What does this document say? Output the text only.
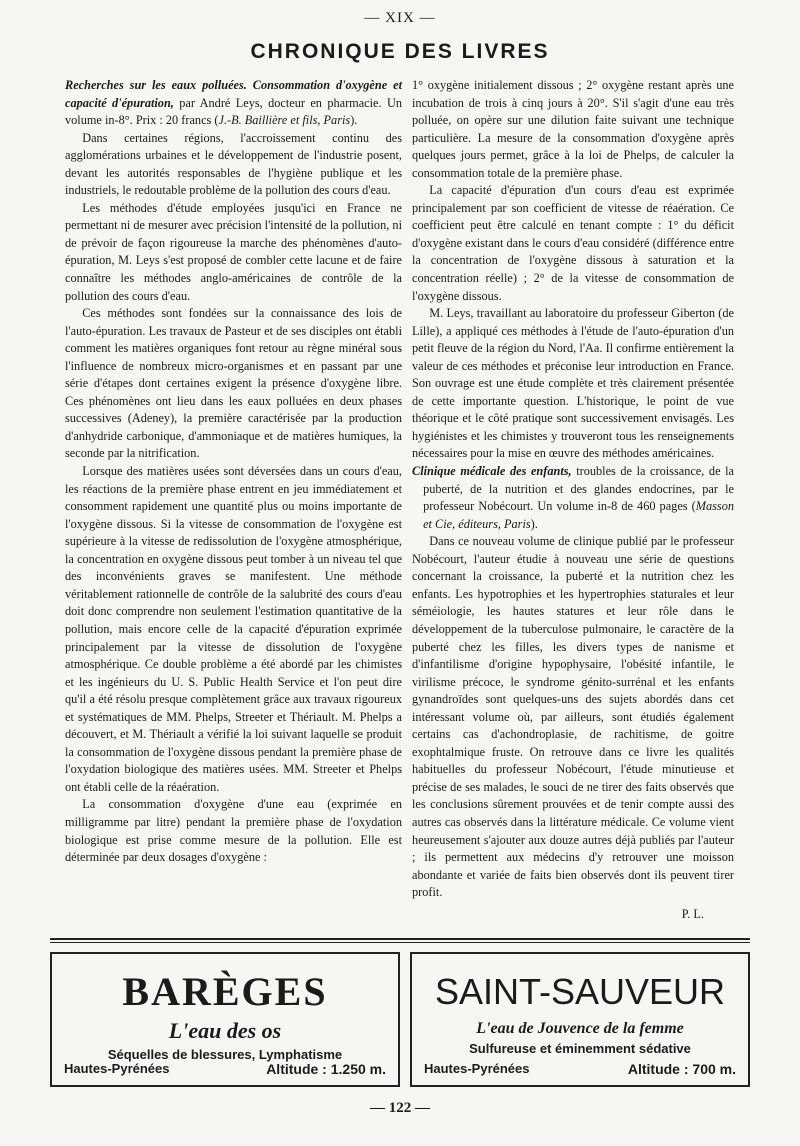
— XIX —
CHRONIQUE DES LIVRES

Recherches sur les eaux polluées. Consommation d'oxygène et capacité d'épuration, par André Leys, docteur en pharmacie. Un volume in-8°. Prix : 20 francs (J.-B. Baillière et fils, Paris).

Dans certaines régions, l'accroissement continu des agglomérations urbaines et le développement de l'industrie posent, devant les autorités responsables de l'hygiène publique et les industriels, le redoutable problème de la pollution des cours d'eau.

Les méthodes d'étude employées jusqu'ici en France ne permettant ni de mesurer avec précision l'intensité de la pollution, ni de prévoir de façon rigoureuse la marche des phénomènes d'auto-épuration, M. Leys s'est proposé de combler cette lacune et de faire connaître les méthodes anglo-américaines de contrôle de la pollution des cours d'eau.

Ces méthodes sont fondées sur la connaissance des lois de l'auto-épuration. Les travaux de Pasteur et de ses disciples ont établi comment les matières organiques font retour au règne minéral sous l'influence de nombreux micro-organismes et en passant par une série d'étapes dont certaines exigent la présence d'oxygène libre. Ces phénomènes ont lieu dans les eaux polluées en deux phases successives (Adeney), la première caractérisée par la production d'anhydride carbonique, d'ammoniaque et de matières humiques, la seconde par la nitrification.

Lorsque des matières usées sont déversées dans un cours d'eau, les réactions de la première phase entrent en jeu immédiatement et consomment rapidement une quantité plus ou moins importante de l'oxygène dissous. Si la vitesse de consommation de l'oxygène est supérieure à la vitesse de redissolution de l'oxygène atmosphérique, la concentration en oxygène dissous peut tomber à un niveau tel que des inconvénients graves se manifestent. Une méthode véritablement rationnelle de contrôle de la salubrité des cours d'eau doit donc comprendre non seulement l'estimation quantitative de la pollution, mais encore celle de la capacité d'épuration exprimée principalement par la vitesse de dissolution de l'oxygène atmosphérique. Ce double problème a été abordé par les chimistes et les ingénieurs du U. S. Public Health Service et l'on peut dire qu'il a été résolu presque complètement grâce aux travaux rigoureux et systématiques de MM. Phelps, Streeter et Thériault. M. Phelps a découvert, et M. Thériault a vérifié la loi suivant laquelle se produit la consommation de l'oxygène dissous pendant la première phase de l'oxydation biologique des matières usées. MM. Streeter et Phelps ont établi celle de la réaération.

La consommation d'oxygène d'une eau (exprimée en milligramme par litre) pendant la première phase de l'oxydation biologique est prise comme mesure de la pollution. Elle est déterminée par deux dosages d'oxygène :

1° oxygène initialement dissous ; 2° oxygène restant après une incubation de trois à cinq jours à 20°. S'il s'agit d'une eau très polluée, on opère sur une dilution faite suivant une technique particulière. La mesure de la consommation d'oxygène après quelques jours permet, grâce à la loi de Phelps, de calculer la consommation totale de la première phase.

La capacité d'épuration d'un cours d'eau est exprimée principalement par son coefficient de vitesse de réaération. Ce coefficient peut être calculé en tenant compte : 1° du déficit d'oxygène existant dans le cours d'eau considéré (différence entre la concentration de l'oxygène dissous à saturation et la concentration réelle) ; 2° de la vitesse de consommation de l'oxygène dissous.

M. Leys, travaillant au laboratoire du professeur Giberton (de Lille), a appliqué ces méthodes à l'étude de l'auto-épuration d'un petit fleuve de la région du Nord, l'Aa. Il confirme entièrement la valeur de ces méthodes et préconise leur introduction en France. Son ouvrage est une étude complète et très clairement présentée de cette importante question. L'historique, le point de vue théorique et le côté pratique sont successivement envisagés. Les hygiénistes et les chimistes y trouveront tous les renseignements nécessaires pour la mise en œuvre des méthodes américaines.

Clinique médicale des enfants, troubles de la croissance, de la puberté, de la nutrition et des glandes endocrines, par le professeur Nobécourt. Un volume in-8 de 460 pages (Masson et Cie, éditeurs, Paris).

Dans ce nouveau volume de clinique publié par le professeur Nobécourt, l'auteur étudie à nouveau une série de questions concernant la croissance, la puberté et la nutrition chez les enfants. Les hypotrophies et les hypertrophies staturales et leur séméiologie, les hautes statures et leur rôle dans le développement de la tuberculose pulmonaire, le caractère de la puberté chez les filles, les divers types de nanisme et d'infantilisme d'origine hypophysaire, l'obésité infantile, le virilisme précoce, le syndrome génito-surrénal et les enfants gynandroïdes sont quelques-uns des sujets abordés dans cet intéressant volume où, par ailleurs, sont étudiés également certains cas d'achondroplasie, de rachitisme, de goitre exophtalmique fruste. On retrouve dans ce livre les qualités habituelles du professeur Nobécourt, l'étude minutieuse et précise de ses malades, le souci de ne tirer des faits observés que les conclusions sûrement prouvées et de tenir compte aussi des autres cas observés dans la littérature médicale. Ce volume vient heureusement s'ajouter aux douze autres déjà publiés par l'auteur ; ils permettent aux médecins d'y retrouver une moisson abondante et variée de faits bien observés dont ils peuvent tirer profit.

P. L.

BARÈGES
L'eau des os
Séquelles de blessures, Lymphatisme
Hautes-Pyrénées	Altitude : 1.250 m.
SAINT-SAUVEUR
L'eau de Jouvence de la femme
Sulfureuse et éminemment sédative
Hautes-Pyrénées	Altitude : 700 m.
— 122 —
